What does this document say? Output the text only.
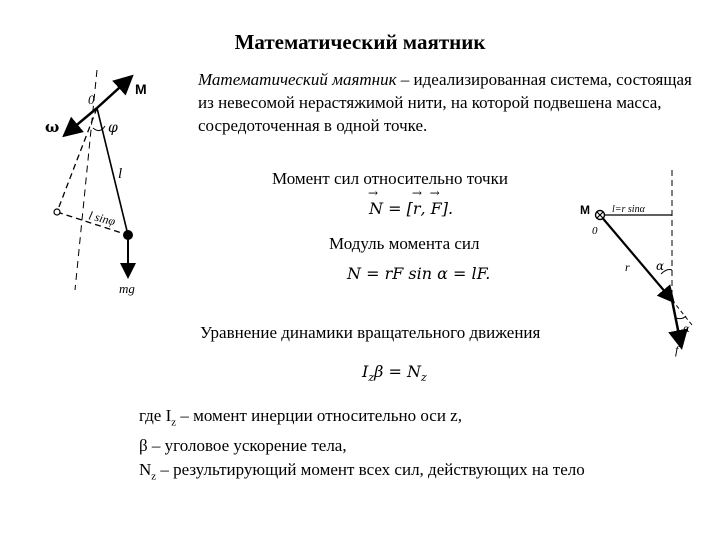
Математический маятник
Математический маятник – идеализированная система, состоящая из невесомой нерастяжимой нити, на которой подвешена масса, сосредоточенная в одной точке.
Момент сил относительно точки
→ N = [→ r, → F].
Модуль момента сил
N = rF sin α = lF.
Уравнение динамики вращательного движения
$I_z\beta = N_z$
где $I_z$ – момент инерции относительно оси z,
β – уголовое ускорение тела,
$N_z$ – результирующий момент всех сил, действующих на тело
0
M
ω	φ
l
l sinφ
mg
M
0
l=r sinα
r α
α
f
